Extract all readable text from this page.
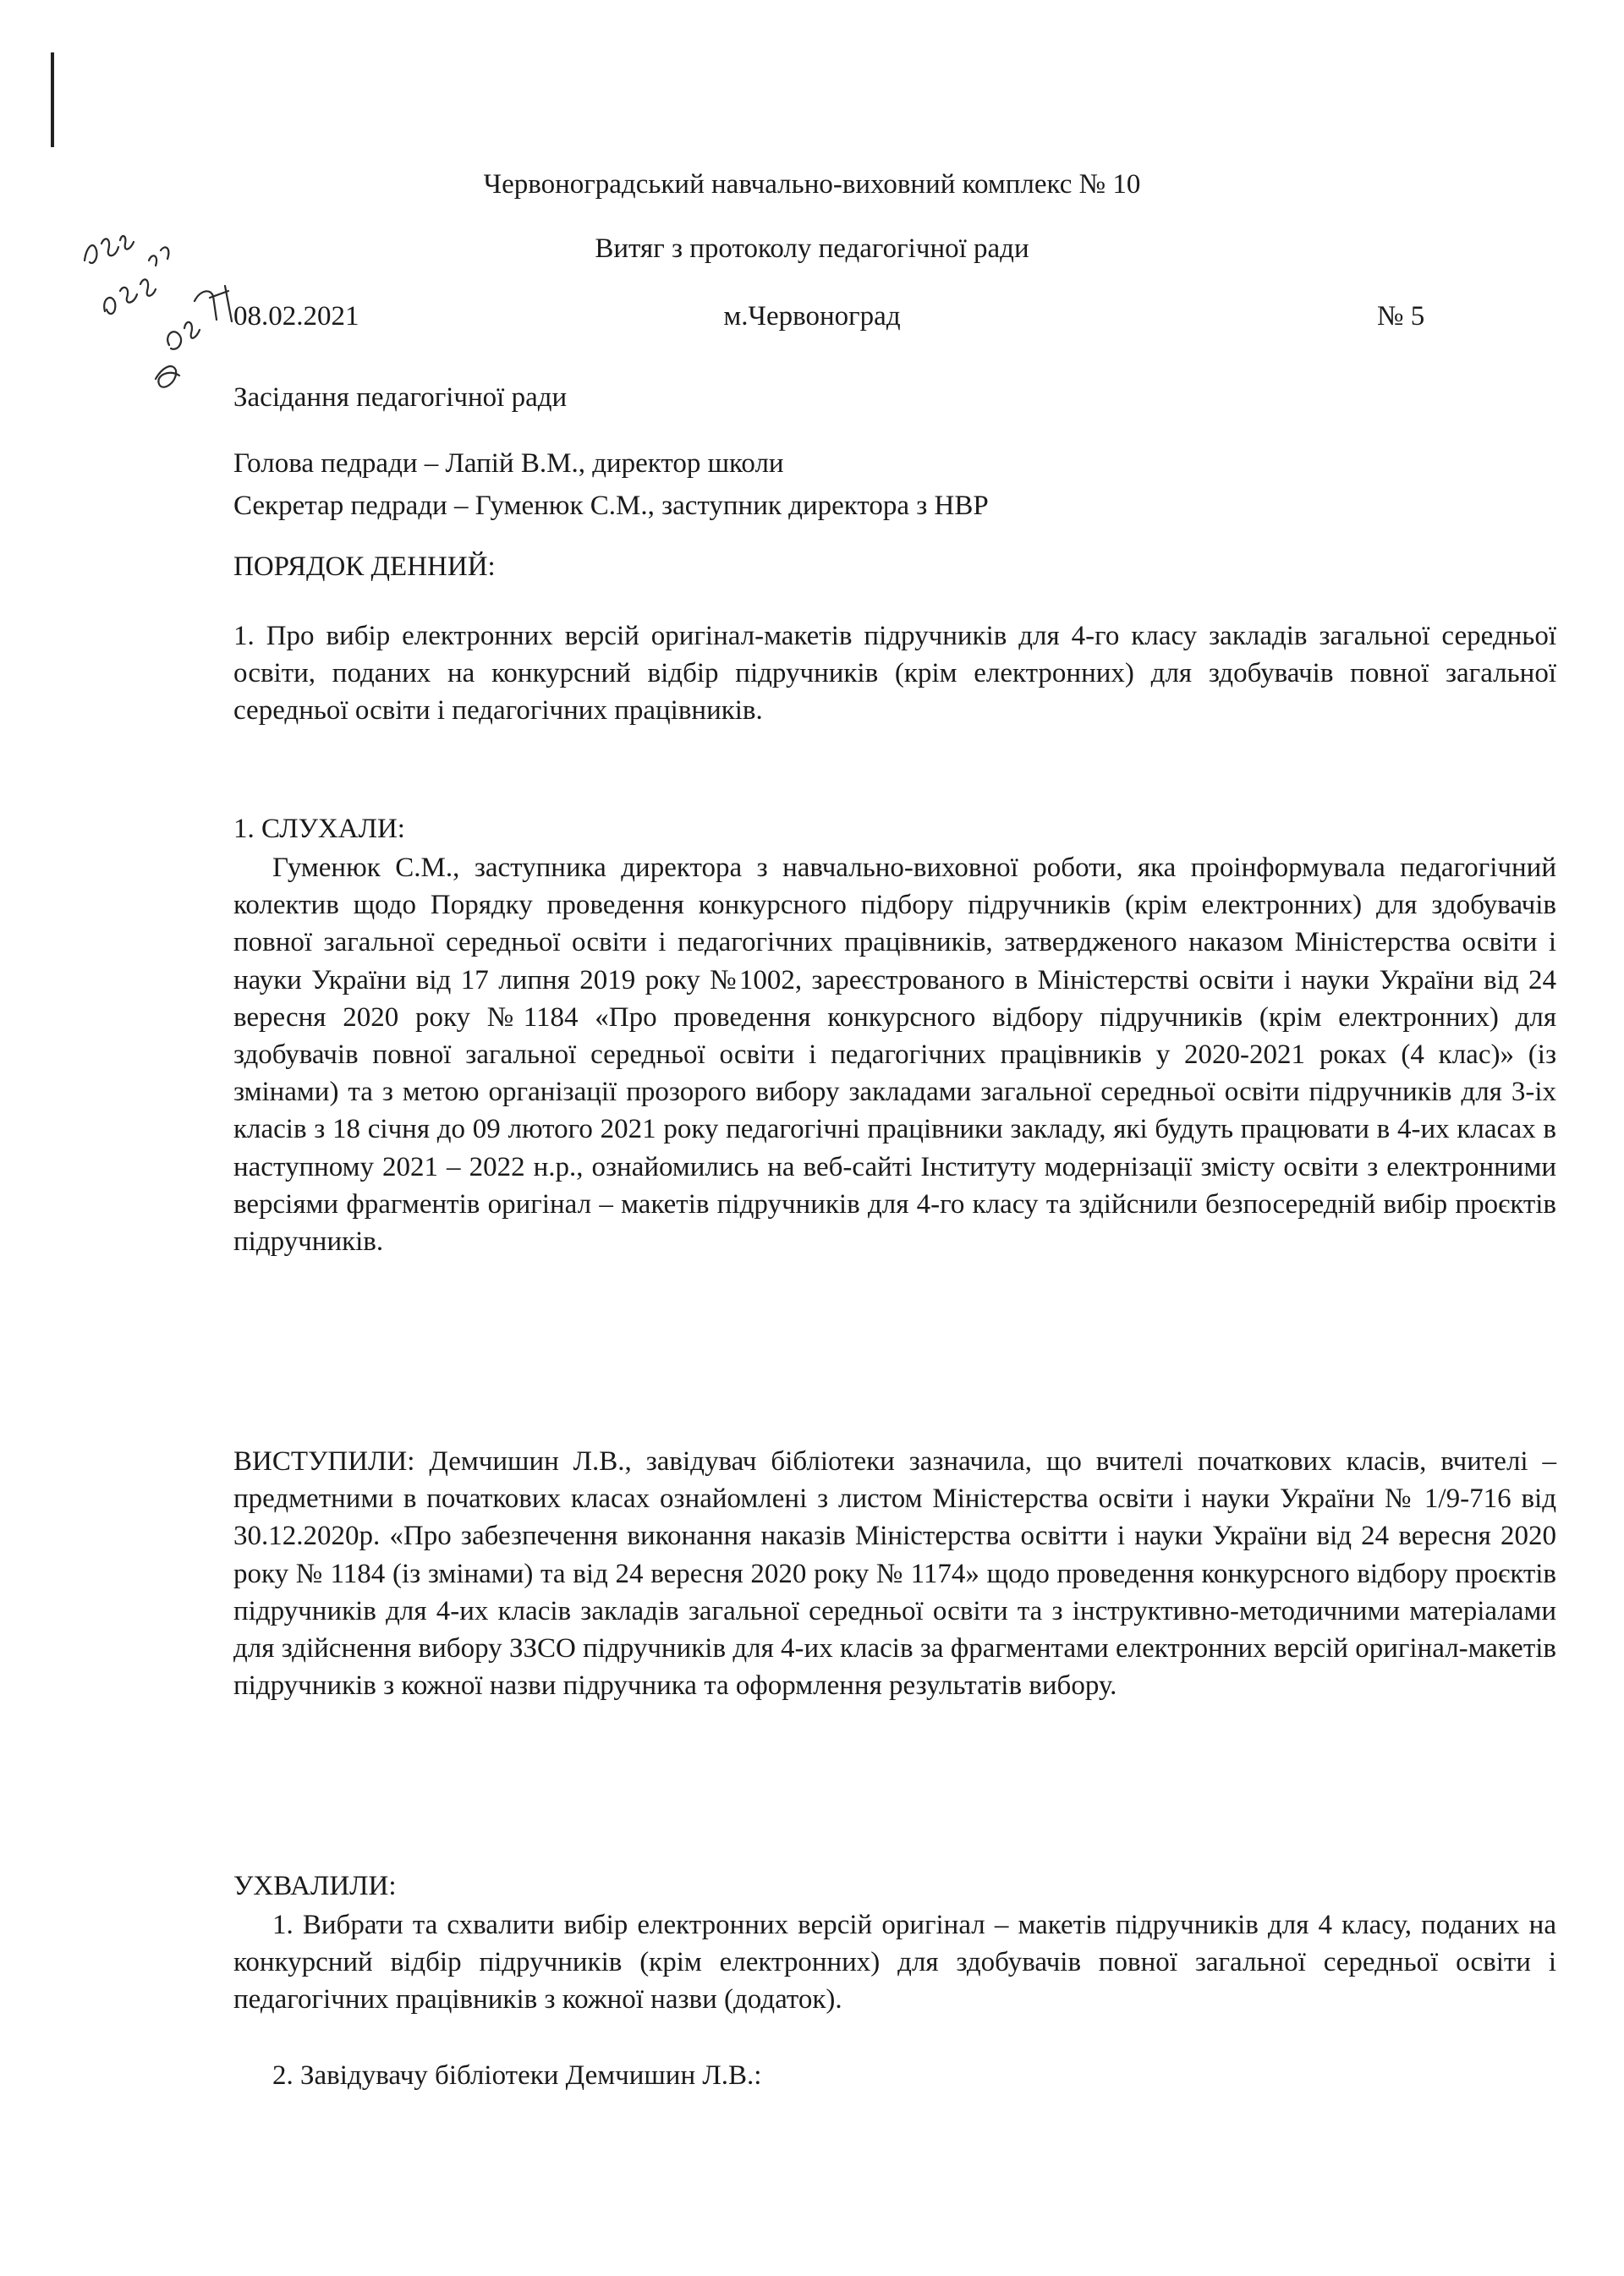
Червоноградський навчально-виховний комплекс № 10

Витяг з протоколу педагогічної ради

08.02.2021	м.Червоноград	№ 5

Засідання педагогічної ради

Голова педради – Лапій В.М., директор школи

Секретар педради – Гуменюк С.М., заступник директора з НВР

ПОРЯДОК ДЕННИЙ:

1. Про вибір електронних версій оригінал-макетів підручників для 4-го класу закладів загальної середньої освіти, поданих на конкурсний відбір підручників (крім електронних) для здобувачів повної загальної середньої освіти і педагогічних працівників.

1. СЛУХАЛИ:

Гуменюк С.М., заступника директора з навчально-виховної роботи, яка проінформувала педагогічний колектив щодо Порядку проведення конкурсного підбору підручників (крім електронних) для здобувачів повної загальної середньої освіти і педагогічних працівників, затвердженого наказом Міністерства освіти і науки України від 17 липня 2019 року №1002, зареєстрованого в Міністерстві освіти і науки України від 24 вересня 2020 року №1184 «Про проведення конкурсного відбору підручників (крім електронних) для здобувачів повної загальної середньої освіти і педагогічних працівників у 2020-2021 роках (4 клас)» (із змінами) та з метою організації прозорого вибору закладами загальної середньої освіти підручників для 3-іх класів з 18 січня до 09 лютого 2021 року педагогічні працівники закладу, які будуть працювати в 4-их класах в наступному 2021 – 2022 н.р., ознайомились на веб-сайті Інституту модернізації змісту освіти з електронними версіями фрагментів оригінал – макетів підручників для 4-го класу та здійснили безпосередній вибір проєктів підручників.

ВИСТУПИЛИ: Демчишин Л.В., завідувач бібліотеки зазначила, що вчителі початкових класів, вчителі – предметними в початкових класах ознайомлені з листом Міністерства освіти і науки України № 1/9-716 від 30.12.2020р. «Про забезпечення виконання наказів Міністерства освітти і науки України від 24 вересня 2020 року № 1184 (із змінами) та від 24 вересня 2020 року № 1174» щодо проведення конкурсного відбору проєктів підручників для 4-их класів закладів загальної середньої освіти та з інструктивно-методичними матеріалами для здійснення вибору ЗЗСО підручників для 4-их класів за фрагментами електронних версій оригінал-макетів підручників з кожної назви підручника та оформлення результатів вибору.

УХВАЛИЛИ:

1. Вибрати та схвалити вибір електронних версій оригінал – макетів підручників для 4 класу, поданих на конкурсний відбір підручників (крім електронних) для здобувачів повної загальної середньої освіти і педагогічних працівників з кожної назви (додаток).

2. Завідувачу бібліотеки Демчишин Л.В.:
